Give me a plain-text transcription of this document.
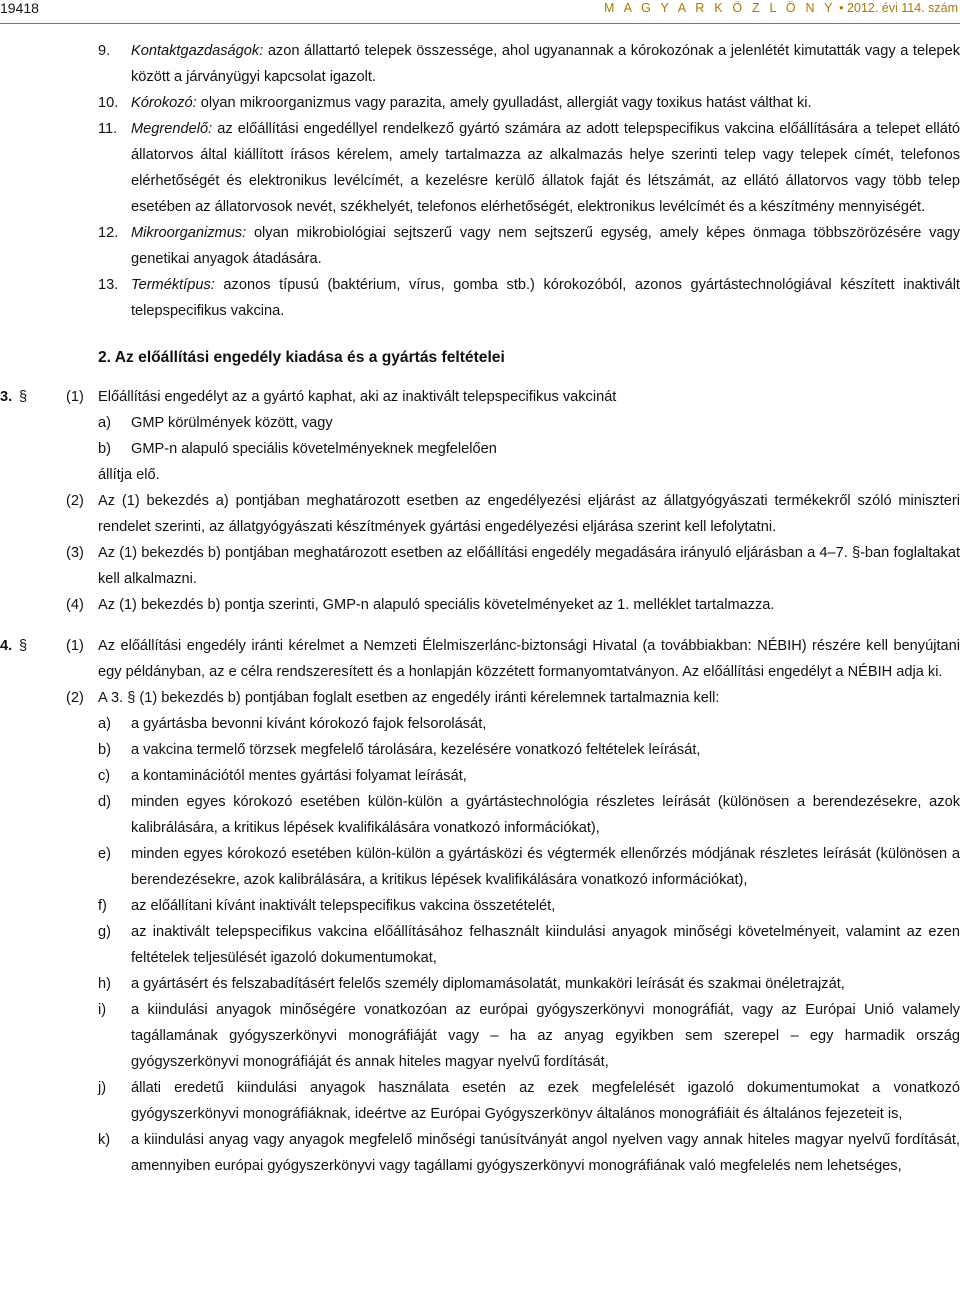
19418	M A G Y A R K Ö Z L Ö N Y • 2012. évi 114. szám
9.	Kontaktgazdaságok: azon állattartó telepek összessége, ahol ugyanannak a kórokozónak a jelenlétét kimutatták vagy a telepek között a járványügyi kapcsolat igazolt.
10. Kórokozó: olyan mikroorganizmus vagy parazita, amely gyulladást, allergiát vagy toxikus hatást válthat ki.
11. Megrendelő: az előállítási engedéllyel rendelkező gyártó számára az adott telepspecifikus vakcina előállítására a telepet ellátó állatorvos által kiállított írásos kérelem, amely tartalmazza az alkalmazás helye szerinti telep vagy telepek címét, telefonos elérhetőségét és elektronikus levélcímét, a kezelésre kerülő állatok faját és létszámát, az ellátó állatorvos vagy több telep esetében az állatorvosok nevét, székhelyét, telefonos elérhetőségét, elektronikus levélcímét és a készítmény mennyiségét.
12. Mikroorganizmus: olyan mikrobiológiai sejtszerű vagy nem sejtszerű egység, amely képes önmaga többszörözésére vagy genetikai anyagok átadására.
13. Terméktípus: azonos típusú (baktérium, vírus, gomba stb.) kórokozóból, azonos gyártástechnológiával készített inaktivált telepspecifikus vakcina.
2. Az előállítási engedély kiadása és a gyártás feltételei
3. §	(1) Előállítási engedélyt az a gyártó kaphat, aki az inaktivált telepspecifikus vakcinát
a)	GMP körülmények között, vagy
b)	GMP-n alapuló speciális követelményeknek megfelelően
állítja elő.
(2) Az (1) bekezdés a) pontjában meghatározott esetben az engedélyezési eljárást az állatgyógyászati termékekről szóló miniszteri rendelet szerinti, az állatgyógyászati készítmények gyártási engedélyezési eljárása szerint kell lefolytatni.
(3) Az (1) bekezdés b) pontjában meghatározott esetben az előállítási engedély megadására irányuló eljárásban a 4–7. §-ban foglaltakat kell alkalmazni.
(4) Az (1) bekezdés b) pontja szerinti, GMP-n alapuló speciális követelményeket az 1. melléklet tartalmazza.
4. §	(1) Az előállítási engedély iránti kérelmet a Nemzeti Élelmiszerlánc-biztonsági Hivatal (a továbbiakban: NÉBIH) részére kell benyújtani egy példányban, az e célra rendszeresített és a honlapján közzétett formanyomtatványon. Az előállítási engedélyt a NÉBIH adja ki.
(2) A 3. § (1) bekezdés b) pontjában foglalt esetben az engedély iránti kérelemnek tartalmaznia kell:
a)	a gyártásba bevonni kívánt kórokozó fajok felsorolását,
b)	a vakcina termelő törzsek megfelelő tárolására, kezelésére vonatkozó feltételek leírását,
c)	a kontaminációtól mentes gyártási folyamat leírását,
d)	minden egyes kórokozó esetében külön-külön a gyártástechnológia részletes leírását (különösen a berendezésekre, azok kalibrálására, a kritikus lépések kvalifikálására vonatkozó információkat),
e)	minden egyes kórokozó esetében külön-külön a gyártásközi és végtermék ellenőrzés módjának részletes leírását (különösen a berendezésekre, azok kalibrálására, a kritikus lépések kvalifikálására vonatkozó információkat),
f)	az előállítani kívánt inaktivált telepspecifikus vakcina összetételét,
g)	az inaktivált telepspecifikus vakcina előállításához felhasznált kiindulási anyagok minőségi követelményeit, valamint az ezen feltételek teljesülését igazoló dokumentumokat,
h)	a gyártásért és felszabadításért felelős személy diplomamásolatát, munkaköri leírását és szakmai önéletrajzát,
i)	a kiindulási anyagok minőségére vonatkozóan az európai gyógyszerkönyvi monográfiát, vagy az Európai Unió valamely tagállamának gyógyszerkönyvi monográfiáját vagy – ha az anyag egyikben sem szerepel – egy harmadik ország gyógyszerkönyvi monográfiáját és annak hiteles magyar nyelvű fordítását,
j)	állati eredetű kiindulási anyagok használata esetén az ezek megfelelését igazoló dokumentumokat a vonatkozó gyógyszerkönyvi monográfiáknak, ideértve az Európai Gyógyszerkönyv általános monográfiáit és általános fejezeteit is,
k)	a kiindulási anyag vagy anyagok megfelelő minőségi tanúsítványát angol nyelven vagy annak hiteles magyar nyelvű fordítását, amennyiben európai gyógyszerkönyvi vagy tagállami gyógyszerkönyvi monográfiának való megfelelés nem lehetséges,
